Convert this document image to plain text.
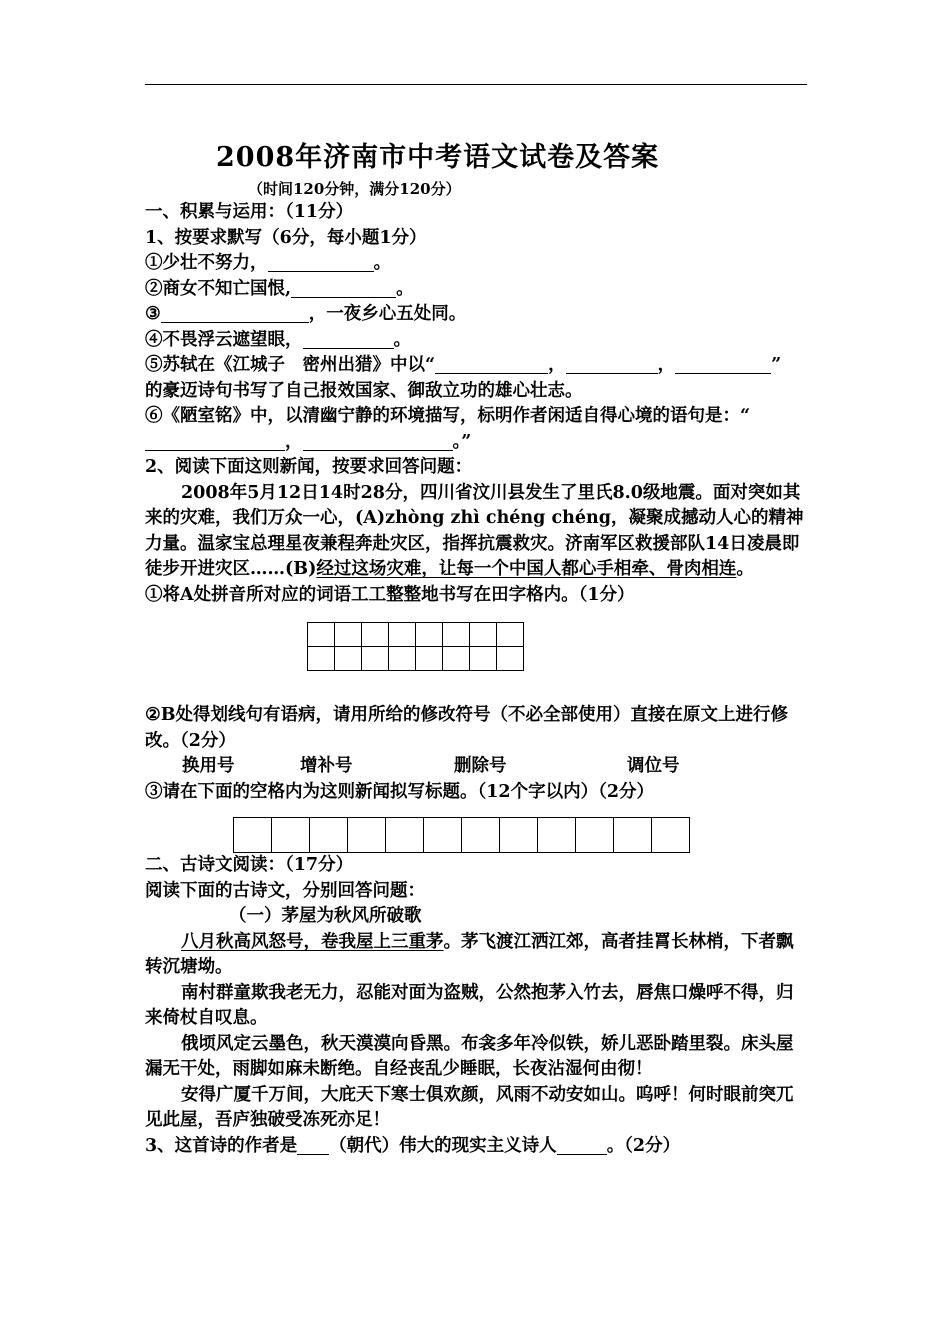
2008年济南市中考语文试卷及答案
（时间120分钟，满分120分）
一、积累与运用：（11分）
1、按要求默写（6分，每小题1分）
①少壮不努力，	。
②商女不知亡国恨,	。
③	，一夜乡心五处同。
④不畏浮云遮望眼，	。
⑤苏轼在《江城子　密州出猎》中以“	，	，	”
的豪迈诗句书写了自己报效国家、御敌立功的雄心壮志。
⑥《陋室铭》中，以清幽宁静的环境描写，标明作者闲适自得心境的语句是：“
，	。”
2、阅读下面这则新闻，按要求回答问题：
2008年5月12日14时28分，四川省汶川县发生了里氏8.0级地震。面对突如其来的灾难，我们万众一心，(A)zhòng zhì chéng chéng，凝聚成撼动人心的精神力量。温家宝总理星夜兼程奔赴灾区，指挥抗震救灾。济南军区救援部队14日凌晨即徒步开进灾区……(B)经过这场灾难，让每一个中国人都心手相牵、骨肉相连。
①将A处拼音所对应的词语工工整整地书写在田字格内。（1分）

②B处得划线句有语病，请用所给的修改符号（不必全部使用）直接在原文上进行修改。（2分）
换用号	增补号	删除号	调位号
③请在下面的空格内为这则新闻拟写标题。（12个字以内）（2分）

二、古诗文阅读：（17分）
阅读下面的古诗文，分别回答问题：
（一）茅屋为秋风所破歌
八月秋高风怒号，卷我屋上三重茅。茅飞渡江洒江郊，高者挂罥长林梢，下者飘转沉塘坳。
南村群童欺我老无力，忍能对面为盗贼，公然抱茅入竹去，唇焦口燥呼不得，归来倚杖自叹息。
俄顷风定云墨色，秋天漠漠向昏黑。布衾多年冷似铁，娇儿恶卧踏里裂。床头屋漏无干处，雨脚如麻未断绝。自经丧乱少睡眠，长夜沾湿何由彻！
安得广厦千万间，大庇天下寒士俱欢颜，风雨不动安如山。呜呼！何时眼前突兀见此屋，吾庐独破受冻死亦足！
3、这首诗的作者是 （朝代）伟大的现实主义诗人	。（2分）
